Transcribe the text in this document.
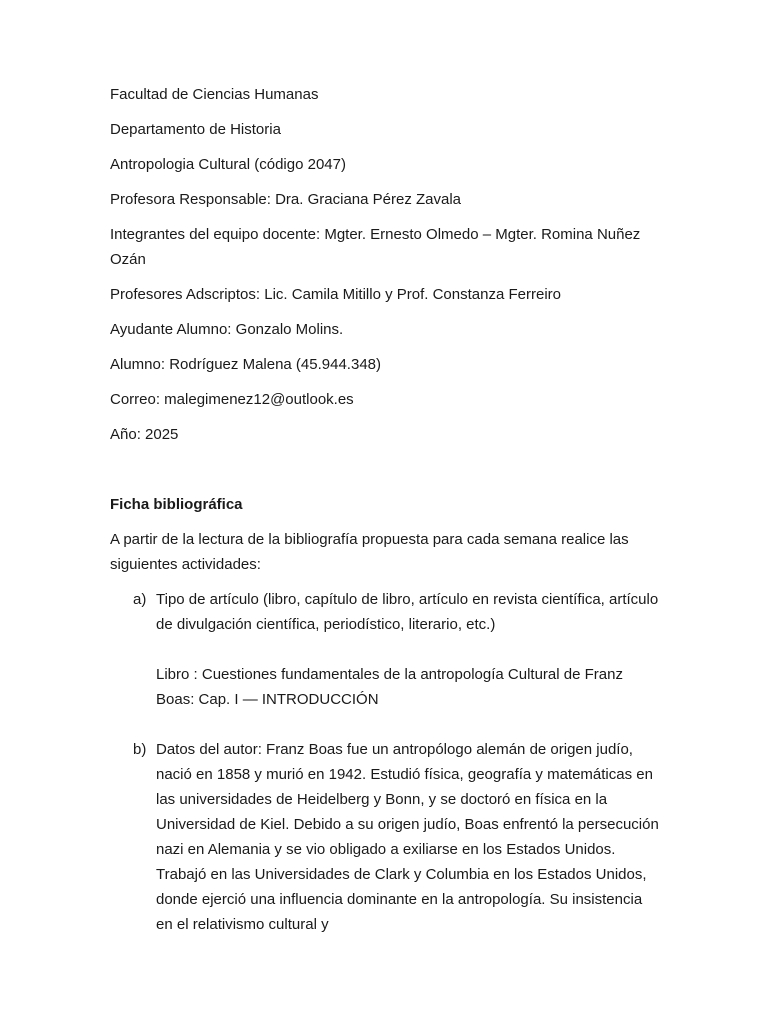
Facultad de Ciencias Humanas

Departamento de Historia

Antropologia Cultural (código 2047)

Profesora Responsable: Dra. Graciana Pérez Zavala

Integrantes del equipo docente: Mgter. Ernesto Olmedo – Mgter. Romina Nuñez Ozán

Profesores Adscriptos: Lic. Camila Mitillo y Prof. Constanza Ferreiro

Ayudante Alumno: Gonzalo Molins.

Alumno: Rodríguez Malena (45.944.348)

Correo: malegimenez12@outlook.es

Año: 2025

Ficha bibliográfica

A partir de la lectura de la bibliografía propuesta para cada semana realice las siguientes actividades:

a) Tipo de artículo (libro, capítulo de libro, artículo en revista científica, artículo de divulgación científica, periodístico, literario, etc.)

Libro : Cuestiones fundamentales de la antropología Cultural de Franz Boas: Cap. I — INTRODUCCIÓN

b) Datos del autor: Franz Boas fue un antropólogo alemán de origen judío, nació en 1858 y murió en 1942. Estudió física, geografía y matemáticas en las universidades de Heidelberg y Bonn, y se doctoró en física en la Universidad de Kiel. Debido a su origen judío, Boas enfrentó la persecución nazi en Alemania y se vio obligado a exiliarse en los Estados Unidos. Trabajó en las Universidades de Clark y Columbia en los Estados Unidos, donde ejerció una influencia dominante en la antropología. Su insistencia en el relativismo cultural y
